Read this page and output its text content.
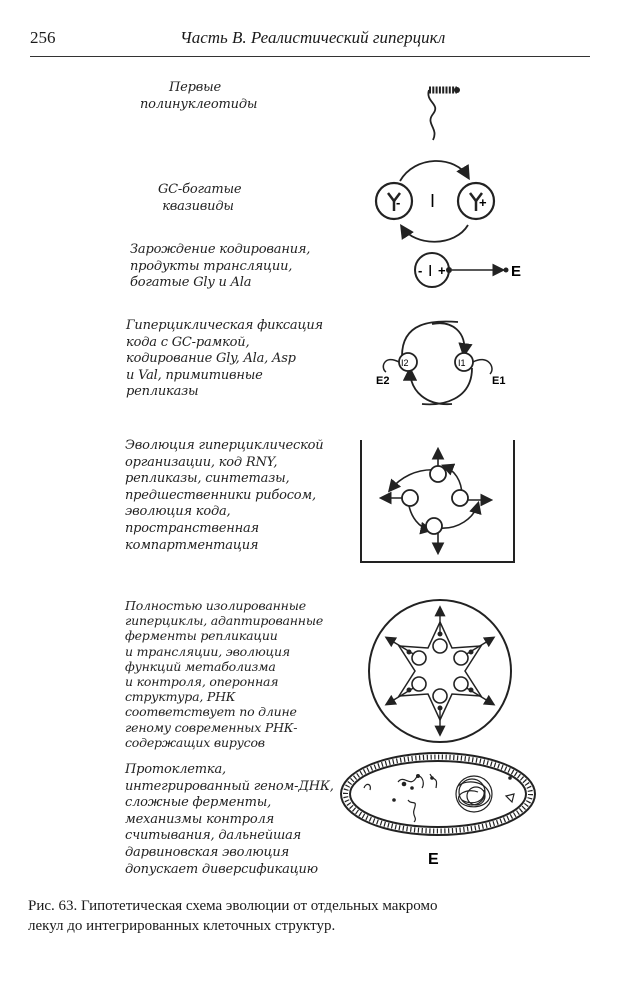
256	Часть В. Реалистический гиперцикл
Первые
полинуклеотиды
GC-богатые
квазивиды
Зарождение кодирования,
продукты трансляции,
богатые Gly и Ala
Гиперциклическая фиксация
кода с GC-рамкой,
кодирование Gly, Ala, Asp
и Val, примитивные
репликазы
Эволюция гиперциклической
организации, код RNY,
репликазы, синтетазы,
предшественники рибосом,
эволюция кода,
пространственная
компартментация
Полностью изолированные
гиперциклы, адаптированные
ферменты репликации
и трансляции, эволюция
функций метаболизма
и контроля, оперонная
структура, РНК
соответствует по длине
геному современных РНК-
содержащих вирусов
Протоклетка,
интегрированный геном-ДНК,
сложные ферменты,
механизмы контроля
считывания, дальнейшая
дарвиновская эволюция
допускает диверсификацию
-	+
I
- I +	E
I2	I1
E2	E1
E
Рис. 63. Гипотетическая схема эволюции от отдельных макромо
лекул до интегрированных клеточных структур.
